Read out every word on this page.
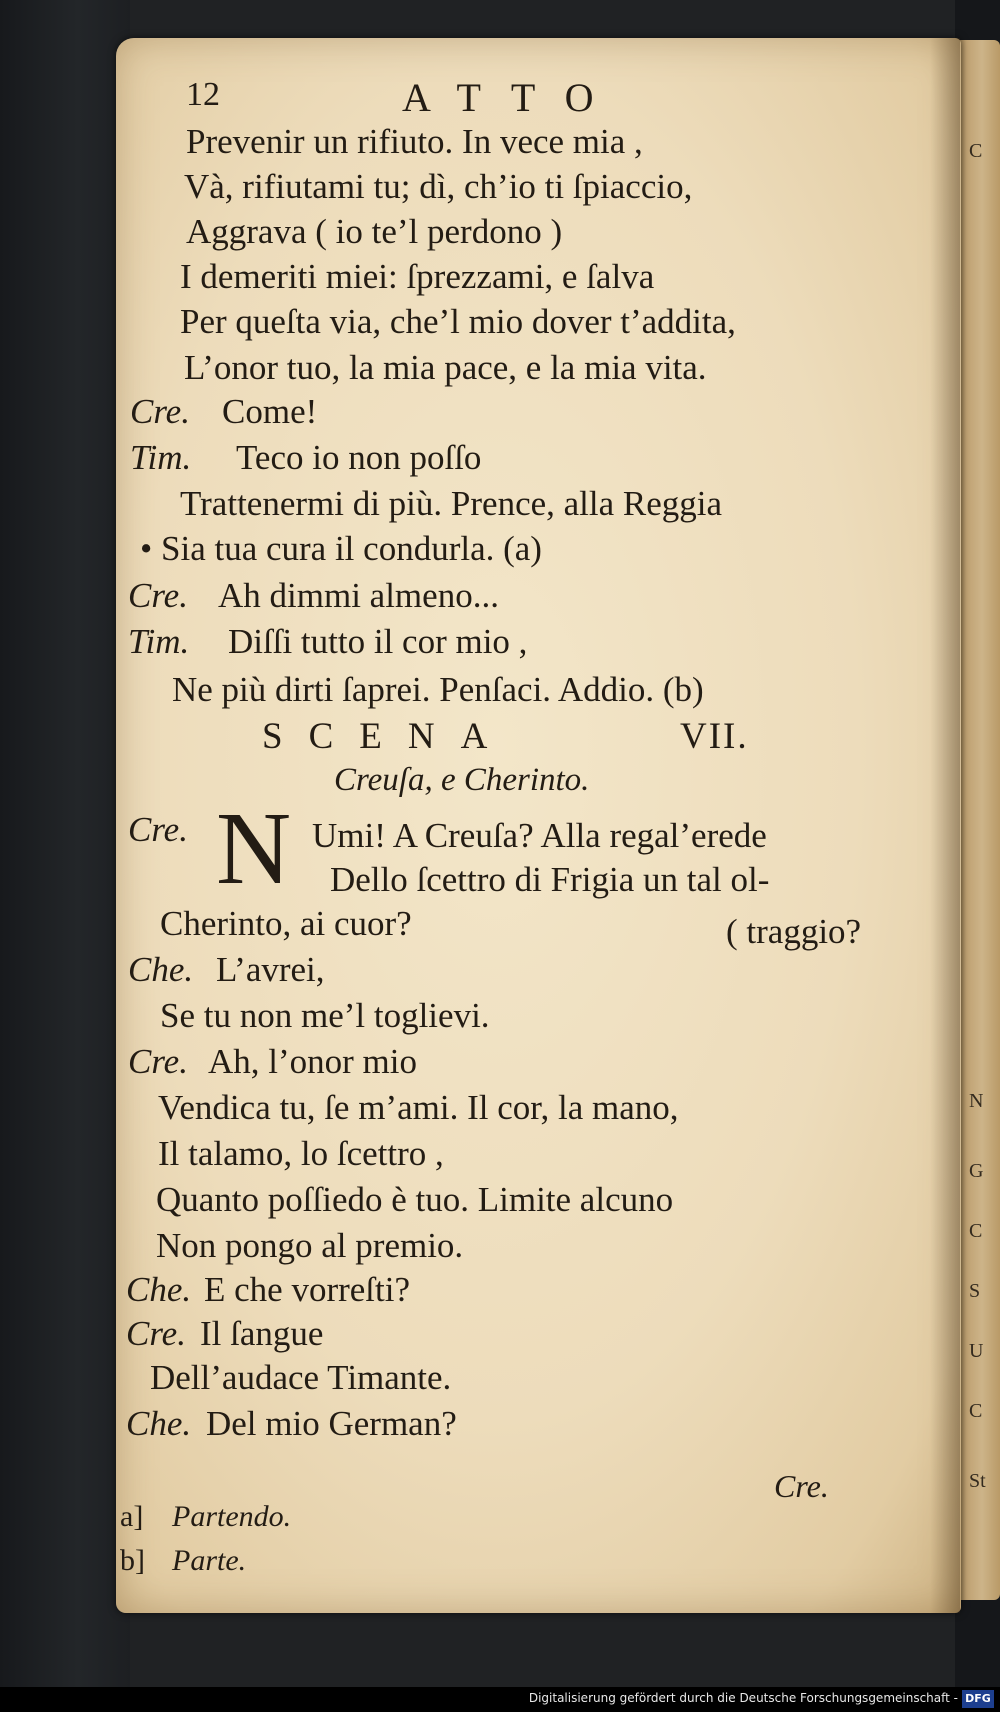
C
N
G
C
S
U
C
St
12	ATTO
Prevenir un rifiuto. In vece mia ,
Và, rifiutami tu; dì, ch’io ti ſpiaccio,
Aggrava ( io te’l perdono )
I demeriti miei: ſprezzami, e ſalva
Per queſta via, che’l mio dover t’addita,
L’onor tuo, la mia pace, e la mia vita.
Cre. Come!
Tim. Teco io non poſſo
Trattenermi di più. Prence, alla Reggia
• Sia tua cura il condurla. (a)
Cre. Ah dimmi almeno...
Tim. Diſſi tutto il cor mio ,
Ne più dirti ſaprei. Penſaci. Addio. (b)
SCENA	VII.
Creuſa, e Cherinto.
Cre. N Umi! A Creuſa? Alla regal’erede
Dello ſcettro di Frigia un tal ol-
Cherinto, ai cuor?	( traggio?
Che. L’avrei,
Se tu non me’l toglievi.
Cre. Ah, l’onor mio
Vendica tu, ſe m’ami. Il cor, la mano,
Il talamo, lo ſcettro ,
Quanto poſſiedo è tuo. Limite alcuno
Non pongo al premio.
Che. E che vorreſti?
Cre. Il ſangue
Dell’audace Timante.
Che. Del mio German?
Cre.
a] Partendo.
b] Parte.
Digitalisierung gefördert durch die Deutsche Forschungsgemeinschaft - DFG
